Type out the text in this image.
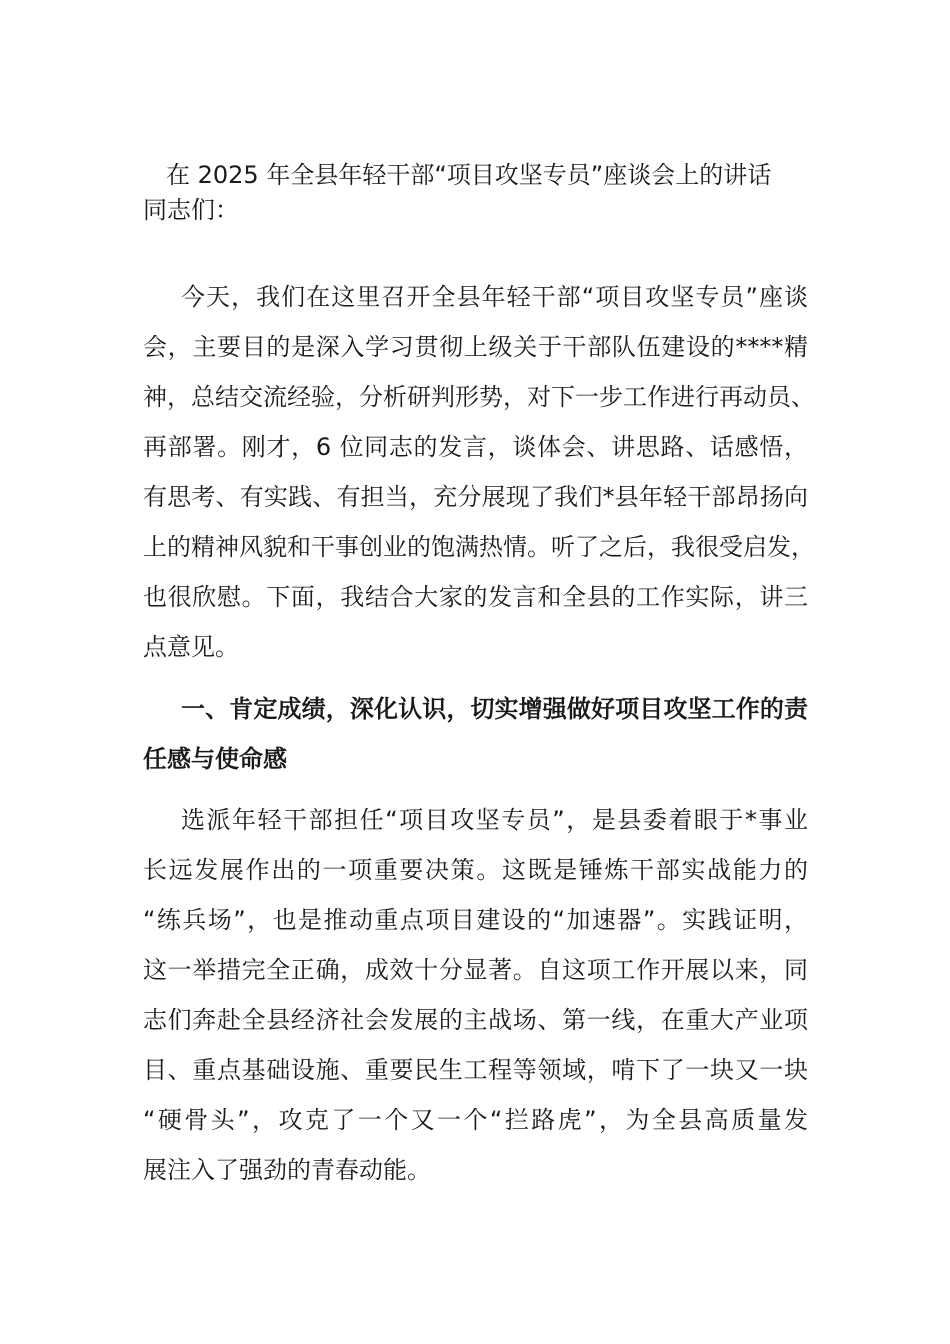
在 2025 年全县年轻干部“项目攻坚专员”座谈会上的讲话
同志们：
今天，我们在这里召开全县年轻干部“项目攻坚专员”座谈
会，主要目的是深入学习贯彻上级关于干部队伍建设的****精
神，总结交流经验，分析研判形势，对下一步工作进行再动员、
再部署。刚才，6 位同志的发言，谈体会、讲思路、话感悟，
有思考、有实践、有担当，充分展现了我们*县年轻干部昂扬向
上的精神风貌和干事创业的饱满热情。听了之后，我很受启发，
也很欣慰。下面，我结合大家的发言和全县的工作实际，讲三
点意见。
一、肯定成绩，深化认识，切实增强做好项目攻坚工作的责
任感与使命感
选派年轻干部担任“项目攻坚专员”，是县委着眼于*事业
长远发展作出的一项重要决策。这既是锤炼干部实战能力的
“练兵场”，也是推动重点项目建设的“加速器”。实践证明，
这一举措完全正确，成效十分显著。自这项工作开展以来，同
志们奔赴全县经济社会发展的主战场、第一线，在重大产业项
目、重点基础设施、重要民生工程等领域，啃下了一块又一块
“硬骨头”，攻克了一个又一个“拦路虎”，为全县高质量发
展注入了强劲的青春动能。
